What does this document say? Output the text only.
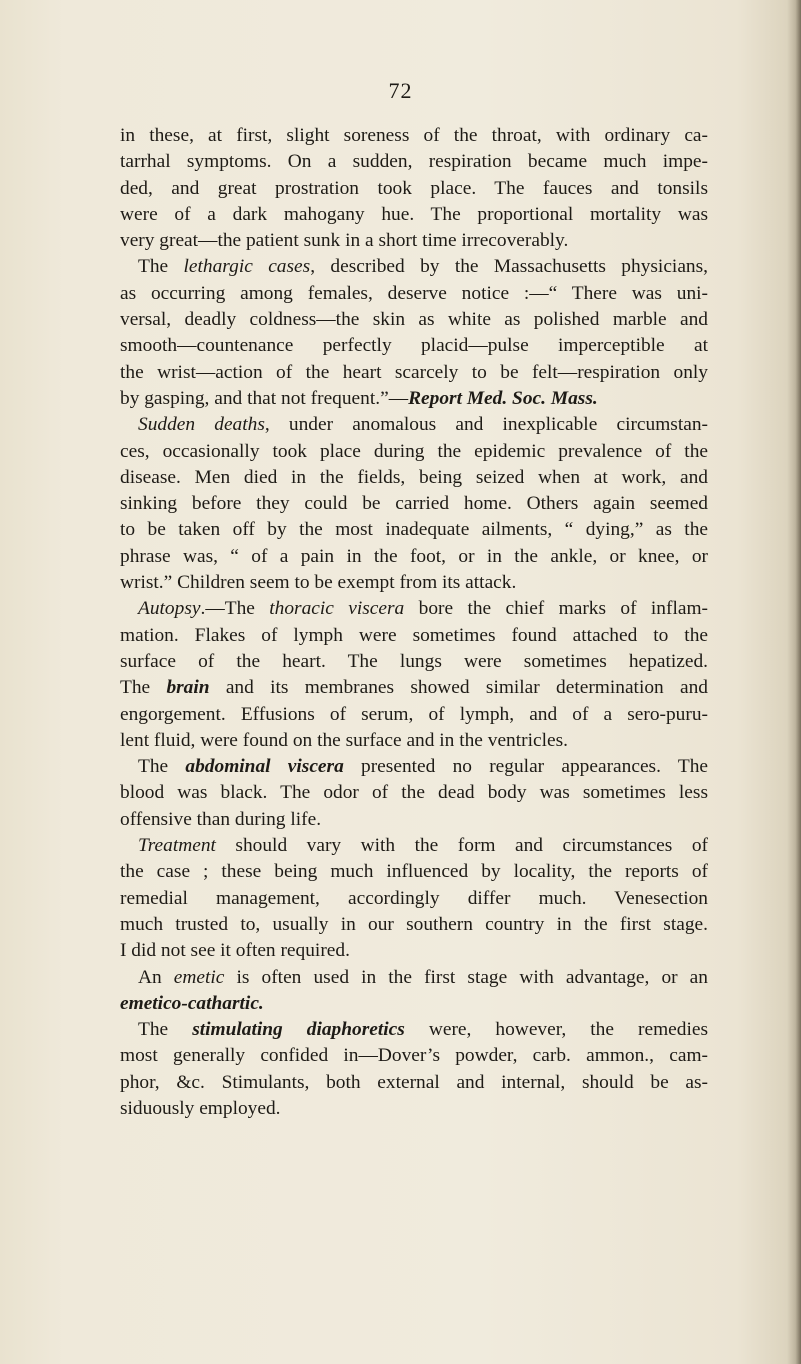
72
in these, at first, slight soreness of the throat, with ordinary ca-
tarrhal symptoms. On a sudden, respiration became much impe-
ded, and great prostration took place. The fauces and tonsils
were of a dark mahogany hue. The proportional mortality was
very great—the patient sunk in a short time irrecoverably.
The lethargic cases, described by the Massachusetts physicians,
as occurring among females, deserve notice :—“ There was uni-
versal, deadly coldness—the skin as white as polished marble and
smooth—countenance perfectly placid—pulse imperceptible at
the wrist—action of the heart scarcely to be felt—respiration only
by gasping, and that not frequent.”—Report Med. Soc. Mass.
Sudden deaths, under anomalous and inexplicable circumstan-
ces, occasionally took place during the epidemic prevalence of the
disease. Men died in the fields, being seized when at work, and
sinking before they could be carried home. Others again seemed
to be taken off by the most inadequate ailments, “ dying,” as the
phrase was, “ of a pain in the foot, or in the ankle, or knee, or
wrist.” Children seem to be exempt from its attack.
Autopsy.—The thoracic viscera bore the chief marks of inflam-
mation. Flakes of lymph were sometimes found attached to the
surface of the heart. The lungs were sometimes hepatized.
The brain and its membranes showed similar determination and
engorgement. Effusions of serum, of lymph, and of a sero-puru-
lent fluid, were found on the surface and in the ventricles.
The abdominal viscera presented no regular appearances. The
blood was black. The odor of the dead body was sometimes less
offensive than during life.
Treatment should vary with the form and circumstances of
the case ; these being much influenced by locality, the reports of
remedial management, accordingly differ much. Venesection
much trusted to, usually in our southern country in the first stage.
I did not see it often required.
An emetic is often used in the first stage with advantage, or an
emetico-cathartic.
The stimulating diaphoretics were, however, the remedies
most generally confided in—Dover’s powder, carb. ammon., cam-
phor, &c. Stimulants, both external and internal, should be as-
siduously employed.
